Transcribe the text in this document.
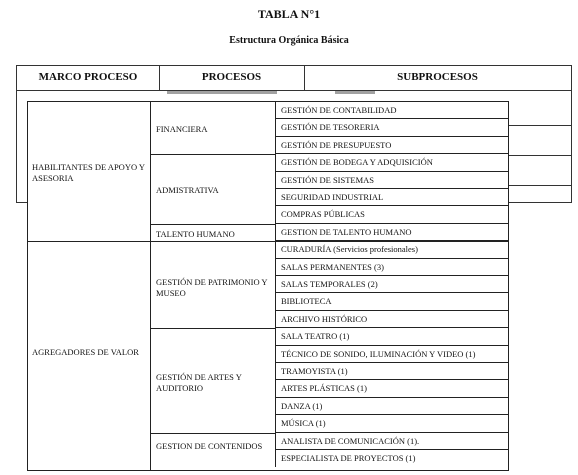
TABLA N°1
Estructura Orgánica Básica
MARCO PROCESO	PROCESOS	SUBPROCESOS
HABILITANTES DE APOYO Y ASESORIA
AGREGADORES DE VALOR
FINANCIERA
ADMISTRATIVA
TALENTO HUMANO
GESTIÓN DE PATRIMONIO Y MUSEO
GESTIÓN DE ARTES Y AUDITORIO
GESTION DE CONTENIDOS
GESTIÓN DE CONTABILIDAD
GESTIÓN DE TESORERIA
GESTIÓN DE PRESUPUESTO
GESTIÓN DE BODEGA Y ADQUISICIÓN
GESTIÓN DE SISTEMAS
SEGURIDAD INDUSTRIAL
COMPRAS PÚBLICAS
GESTION DE TALENTO HUMANO
CURADURÍA (Servicios profesionales)
SALAS PERMANENTES (3)
SALAS TEMPORALES (2)
BIBLIOTECA
ARCHIVO HISTÓRICO
SALA TEATRO (1)
TÉCNICO DE SONIDO, ILUMINACIÓN Y VIDEO (1)
TRAMOYISTA (1)
ARTES PLÁSTICAS (1)
DANZA (1)
MÚSICA (1)
ANALISTA DE COMUNICACIÓN (1).
ESPECIALISTA DE PROYECTOS (1)
